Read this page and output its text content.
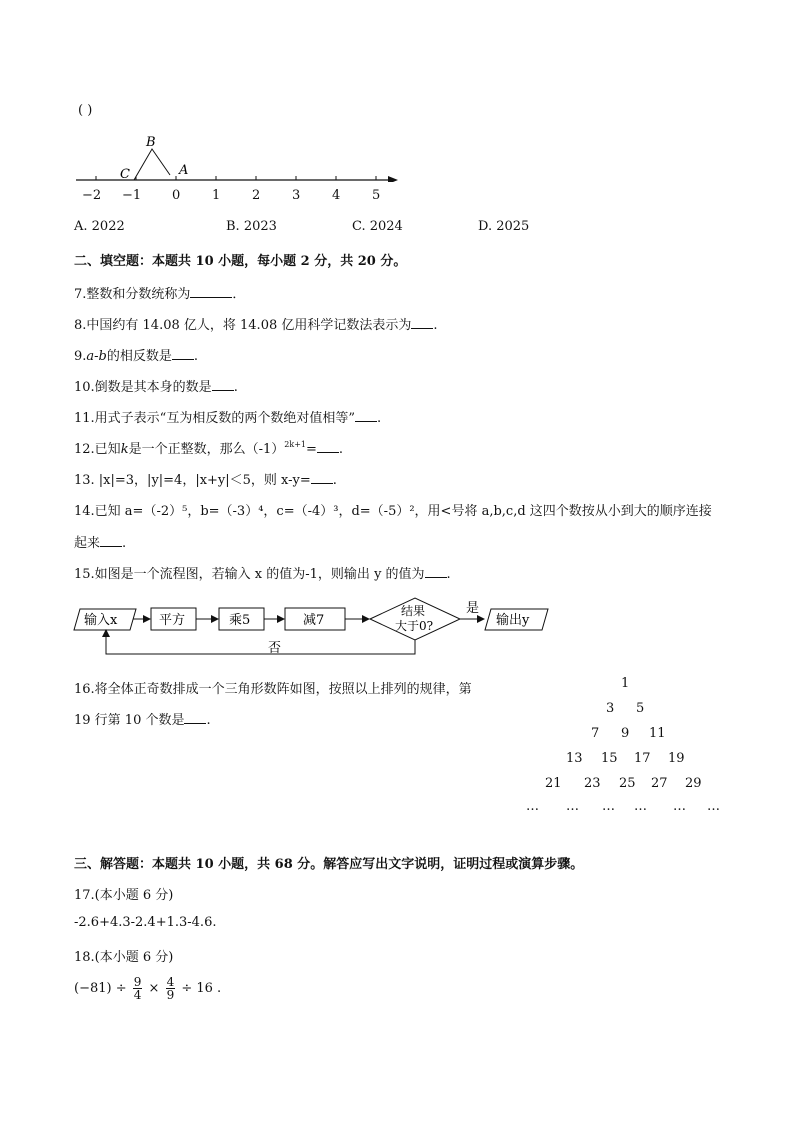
( )
B
C	A
−2 −1 0 1 2 3 4 5
A. 2022	B. 2023	C. 2024	D. 2025
二、填空题：本题共 10 小题，每小题 2 分，共 20 分。
7.整数和分数统称为	．
8.中国约有 14.08 亿人，将 14.08 亿用科学记数法表示为 .
9.a-b的相反数是 .
10.倒数是其本身的数是 .
11.用式子表示“互为相反数的两个数绝对值相等” .
12.已知k是一个正整数，那么$(-1)^{2k+1}=$ .
13. |x|=3，|y|=4，|x+y|＜5，则 x-y= .
14.已知 a=（-2）⁵，b=（-3）⁴，c=（-4）³，d=（-5）²，用<号将 a,b,c,d 这四个数按从小到大的顺序连接
起来 .
15.如图是一个流程图，若输入 x 的值为-1，则输出 y 的值为 .
输入x	平方	乘5	减7
结果
大于0?
是
输出y
否
16.将全体正奇数排成一个三角形数阵如图，按照以上排列的规律，第
19 行第 10 个数是 .
1
3 5
7 9 11
13 15 17 19
21 23 25 27 29
… … … … … …
三、解答题：本题共 10 小题，共 68 分。解答应写出文字说明，证明过程或演算步骤。
17.(本小题 6 分)
-2.6+4.3-2.4+1.3-4.6.
18.(本小题 6 分)
$(-81) \div \frac{9}{4} \times \frac{4}{9} \div 16$ .
